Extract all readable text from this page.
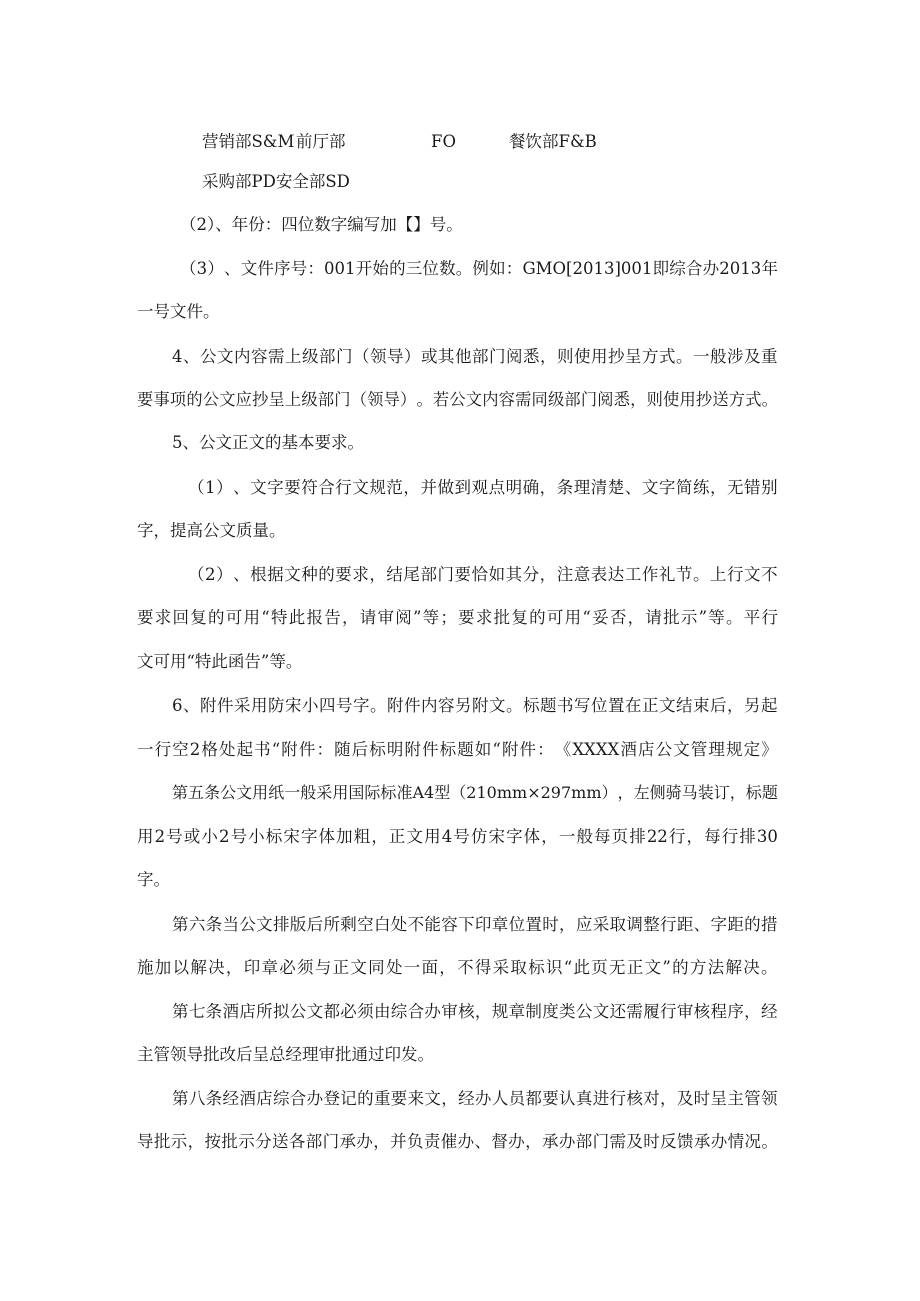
营销部S&M 前厅部	FO	餐饮部F&B
采购部PD安全部SD
（2）、年份：四位数字编写加【】号。
（ 3 ） 、 文 件 序 号 ： 001 开 始 的 三 位 数 。 例 如 ： GMO[2013]001 即 综 合 办 2013 年
一号文件。
4 、 公 文 内 容 需 上 级 部 门 （ 领 导 ） 或 其 他 部 门 阅 悉 ， 则 使 用 抄 呈 方 式 。 一 般 涉 及 重
要 事 项 的 公 文 应 抄 呈 上 级 部 门 （ 领 导 ） 。 若 公 文 内 容 需 同 级 部 门 阅 悉 ， 则 使 用 抄 送 方 式 。
5、公文正文的基本要求。
（ 1 ） 、 文 字 要 符 合 行 文 规 范 ， 并 做 到 观 点 明 确 ， 条 理 清 楚 、 文 字 简 练 ， 无 错 别
字，提高公文质量。
（ 2 ） 、 根 据 文 种 的 要 求 ， 结 尾 部 门 要 恰 如 其 分 ， 注 意 表 达 工 作 礼 节 。 上 行 文 不
要 求 回 复 的 可 用 “ 特 此 报 告 ， 请 审 阅 ” 等 ； 要 求 批 复 的 可 用 “ 妥 否 ， 请 批 示 ” 等 。 平 行
文可用“特此函告”等。
6 、 附 件 采 用 防 宋 小 四 号 字 。 附 件 内 容 另 附 文 。 标 题 书 写 位 置 在 正 文 结 束 后 ， 另 起
一 行 空 2 格 处 起 书 “ 附 件 ： 随 后 标 明 附 件 标 题 如 “ 附 件 ： 《 XXXX 酒 店 公 文 管 理 规 定 》
第 五 条 公 文 用 纸 一 般 采 用 国 际 标 准 A4 型 （ 210mm × 297mm ） ， 左 侧 骑 马 装 订 ， 标 题
用 2 号 或 小 2 号 小 标 宋 字 体 加 粗 ， 正 文 用 4 号 仿 宋 字 体 ， 一 般 每 页 排 22 行 ， 每 行 排 30
字。
第 六 条 当 公 文 排 版 后 所 剩 空 白 处 不 能 容 下 印 章 位 置 时 ， 应 采 取 调 整 行 距 、 字 距 的 措
施 加 以 解 决 ， 印 章 必 须 与 正 文 同 处 一 面 ， 不 得 采 取 标 识 “ 此 页 无 正 文 ” 的 方 法 解 决 。
第 七 条 酒 店 所 拟 公 文 都 必 须 由 综 合 办 审 核 ， 规 章 制 度 类 公 文 还 需 履 行 审 核 程 序 ， 经
主管领导批改后呈总经理审批通过印发。
第 八 条 经 酒 店 综 合 办 登 记 的 重 要 来 文 ， 经 办 人 员 都 要 认 真 进 行 核 对 ， 及 时 呈 主 管 领
导 批 示 ， 按 批 示 分 送 各 部 门 承 办 ， 并 负 责 催 办 、 督 办 ， 承 办 部 门 需 及 时 反 馈 承 办 情 况 。
